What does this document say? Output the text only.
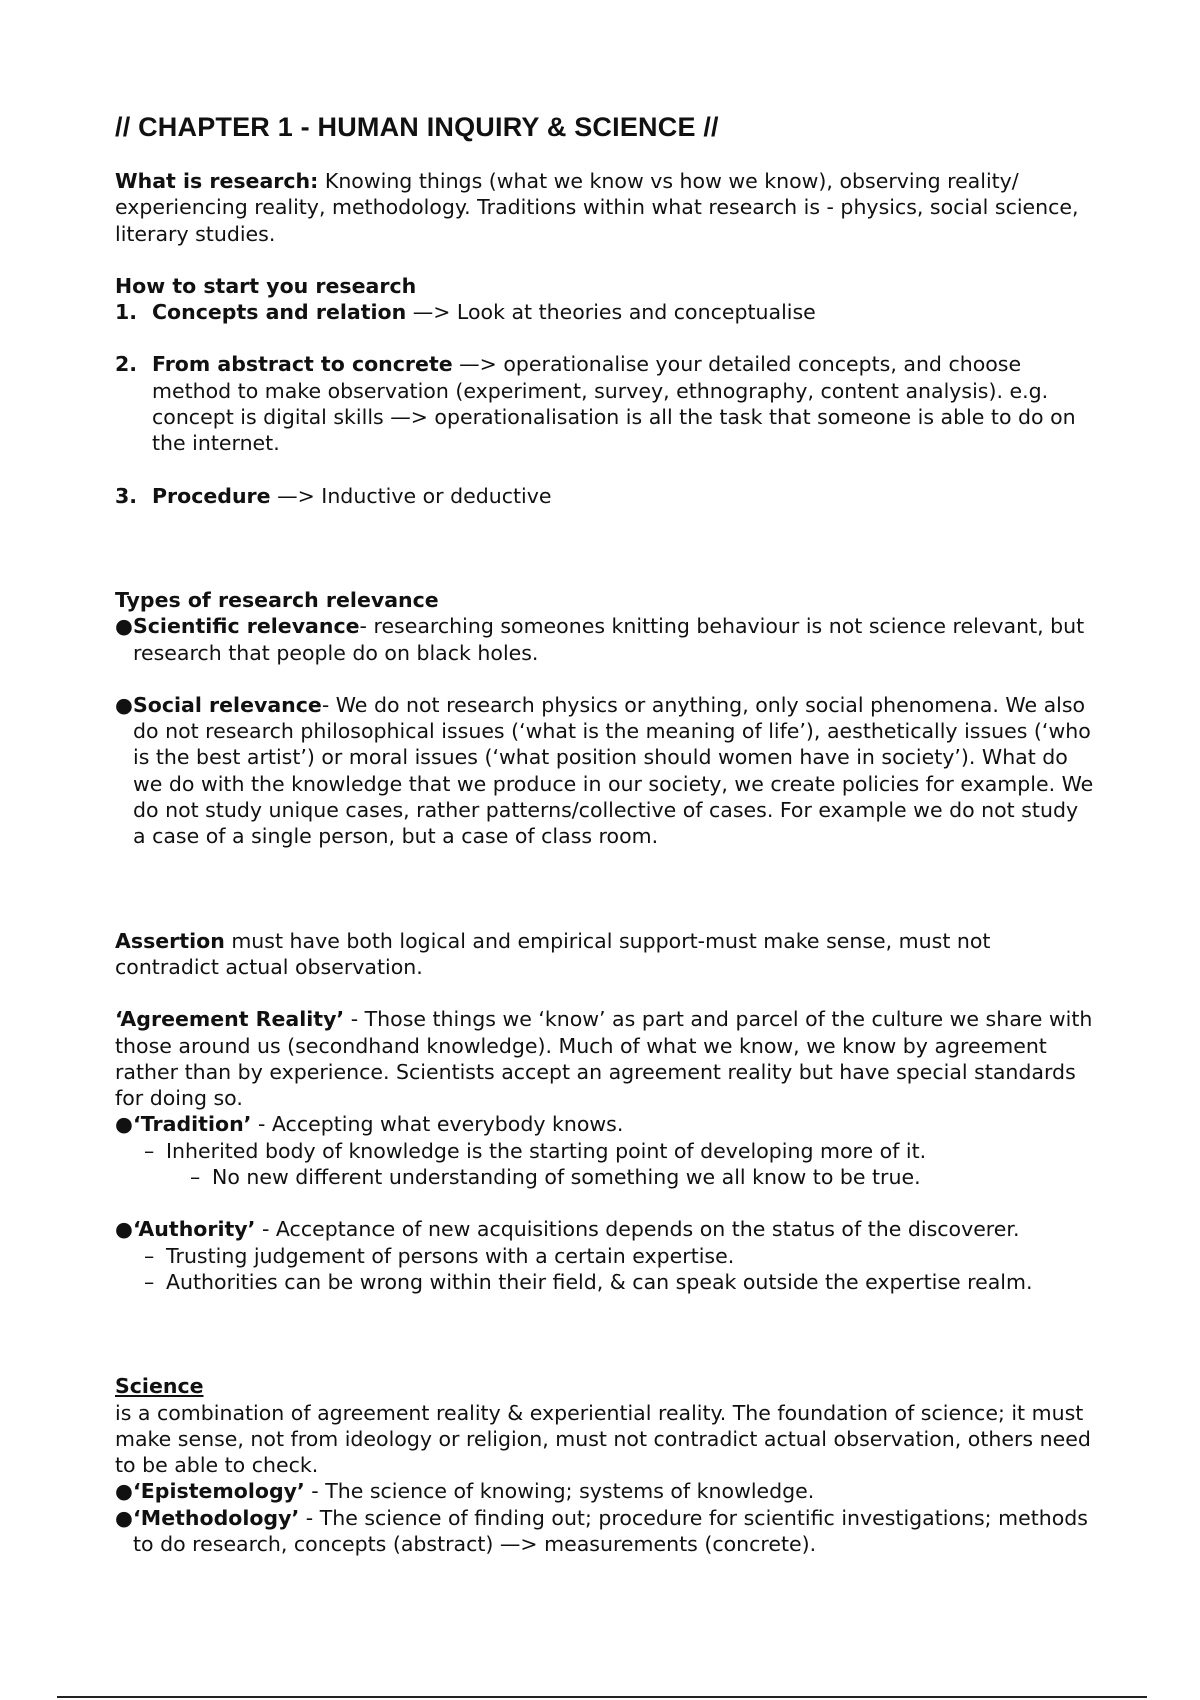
// CHAPTER 1 - HUMAN INQUIRY & SCIENCE //

What is research: Knowing things (what we know vs how we know), observing reality/ experiencing reality, methodology. Traditions within what research is - physics, social science, literary studies.

How to start you research

1. Concepts and relation —> Look at theories and conceptualise
2. From abstract to concrete —> operationalise your detailed concepts, and choose method to make observation (experiment, survey, ethnography, content analysis). e.g. concept is digital skills —> operationalisation is all the task that someone is able to do on the internet.
3. Procedure —> Inductive or deductive

Types of research relevance

● Scientific relevance- researching someones knitting behaviour is not science relevant, but research that people do on black holes.
● Social relevance- We do not research physics or anything, only social phenomena. We also do not research philosophical issues (‘what is the meaning of life’), aesthetically issues (‘who is the best artist’) or moral issues (‘what position should women have in society’). What do we do with the knowledge that we produce in our society, we create policies for example. We do not study unique cases, rather patterns/collective of cases. For example we do not study a case of a single person, but a case of class room.

Assertion must have both logical and empirical support-must make sense, must not contradict actual observation.

‘Agreement Reality’ - Those things we ‘know’ as part and parcel of the culture we share with those around us (secondhand knowledge). Much of what we know, we know by agreement rather than by experience. Scientists accept an agreement reality but have special standards for doing so.

● ‘Tradition’ - Accepting what everybody knows.
– Inherited body of knowledge is the starting point of developing more of it.
– No new different understanding of something we all know to be true.
● ‘Authority’ - Acceptance of new acquisitions depends on the status of the discoverer.
– Trusting judgement of persons with a certain expertise.
– Authorities can be wrong within their field, & can speak outside the expertise realm.

Science

is a combination of agreement reality & experiential reality. The foundation of science; it must make sense, not from ideology or religion, must not contradict actual observation, others need to be able to check.

● ‘Epistemology’ - The science of knowing; systems of knowledge.
● ‘Methodology’ - The science of finding out; procedure for scientific investigations; methods to do research, concepts (abstract) —> measurements (concrete).
